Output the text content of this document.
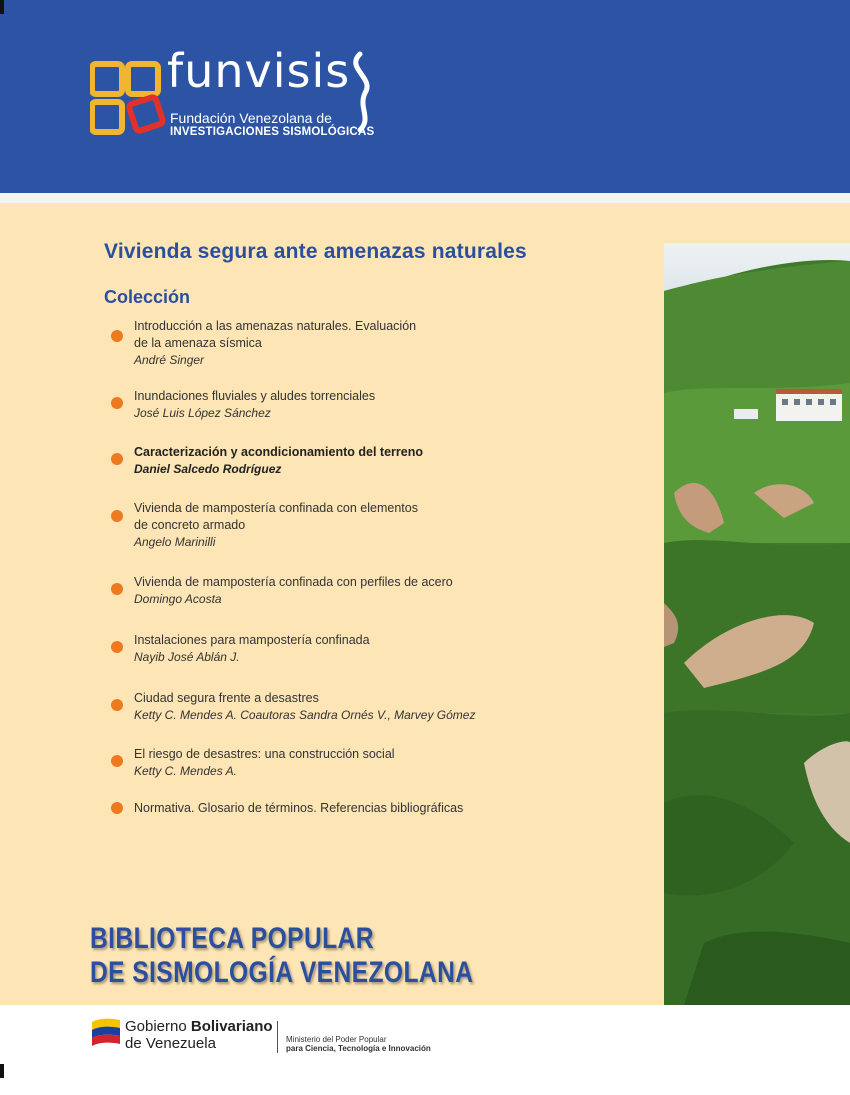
funvisis
Fundación Venezolana de
INVESTIGACIONES SISMOLÓGICAS
Vivienda segura ante amenazas naturales
Colección
Introducción a las amenazas naturales. Evaluación
de la amenaza sísmica
André Singer
Inundaciones fluviales y aludes torrenciales
José Luis López Sánchez
Caracterización y acondicionamiento del terreno
Daniel Salcedo Rodríguez
Vivienda de mampostería confinada con elementos
de concreto armado
Angelo Marinilli
Vivienda de mampostería confinada con perfiles de acero
Domingo Acosta
Instalaciones para mampostería confinada
Nayib José Ablán J.
Ciudad segura frente a desastres
Ketty C. Mendes A. Coautoras Sandra Ornés V., Marvey Gómez
El riesgo de desastres: una construcción social
Ketty C. Mendes A.
Normativa. Glosario de términos. Referencias bibliográficas
BIBLIOTECA POPULAR
DE SISMOLOGÍA VENEZOLANA
Gobierno Bolivariano
de Venezuela	Ministerio del Poder Popular
para Ciencia, Tecnología e Innovación
